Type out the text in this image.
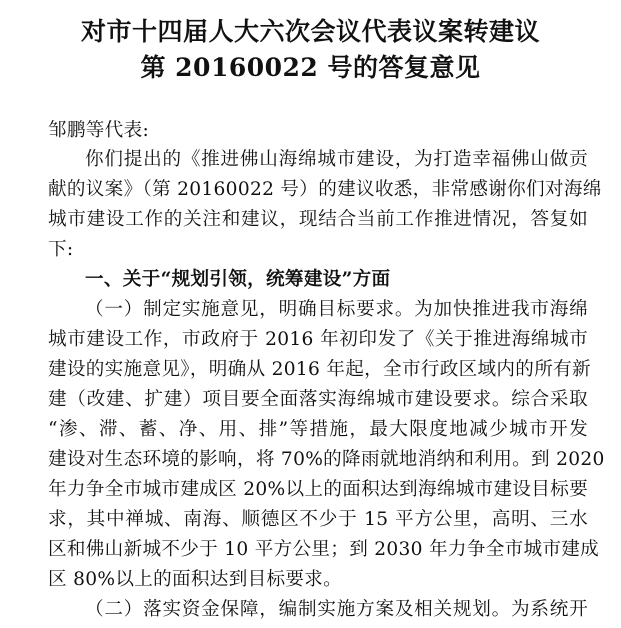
对市十四届人大六次会议代表议案转建议
第 20160022 号的答复意见
邹鹏等代表:
你们提出的《推进佛山海绵城市建设，为打造幸福佛山做贡
献的议案》（第 20160022 号）的建议收悉，非常感谢你们对海绵
城市建设工作的关注和建议，现结合当前工作推进情况，答复如
下:
一、关于“规划引领，统筹建设”方面
（一）制定实施意见，明确目标要求。为加快推进我市海绵
城市建设工作，市政府于 2016 年初印发了《关于推进海绵城市
建设的实施意见》，明确从 2016 年起，全市行政区域内的所有新
建（改建、扩建）项目要全面落实海绵城市建设要求。综合采取
“渗、滞、蓄、净、用、排”等措施，最大限度地减少城市开发
建设对生态环境的影响，将 70%的降雨就地消纳和利用。到 2020
年力争全市城市建成区 20%以上的面积达到海绵城市建设目标要
求，其中禅城、南海、顺德区不少于 15 平方公里，高明、三水
区和佛山新城不少于 10 平方公里；到 2030 年力争全市城市建成
区 80%以上的面积达到目标要求。
（二）落实资金保障，编制实施方案及相关规划。为系统开
